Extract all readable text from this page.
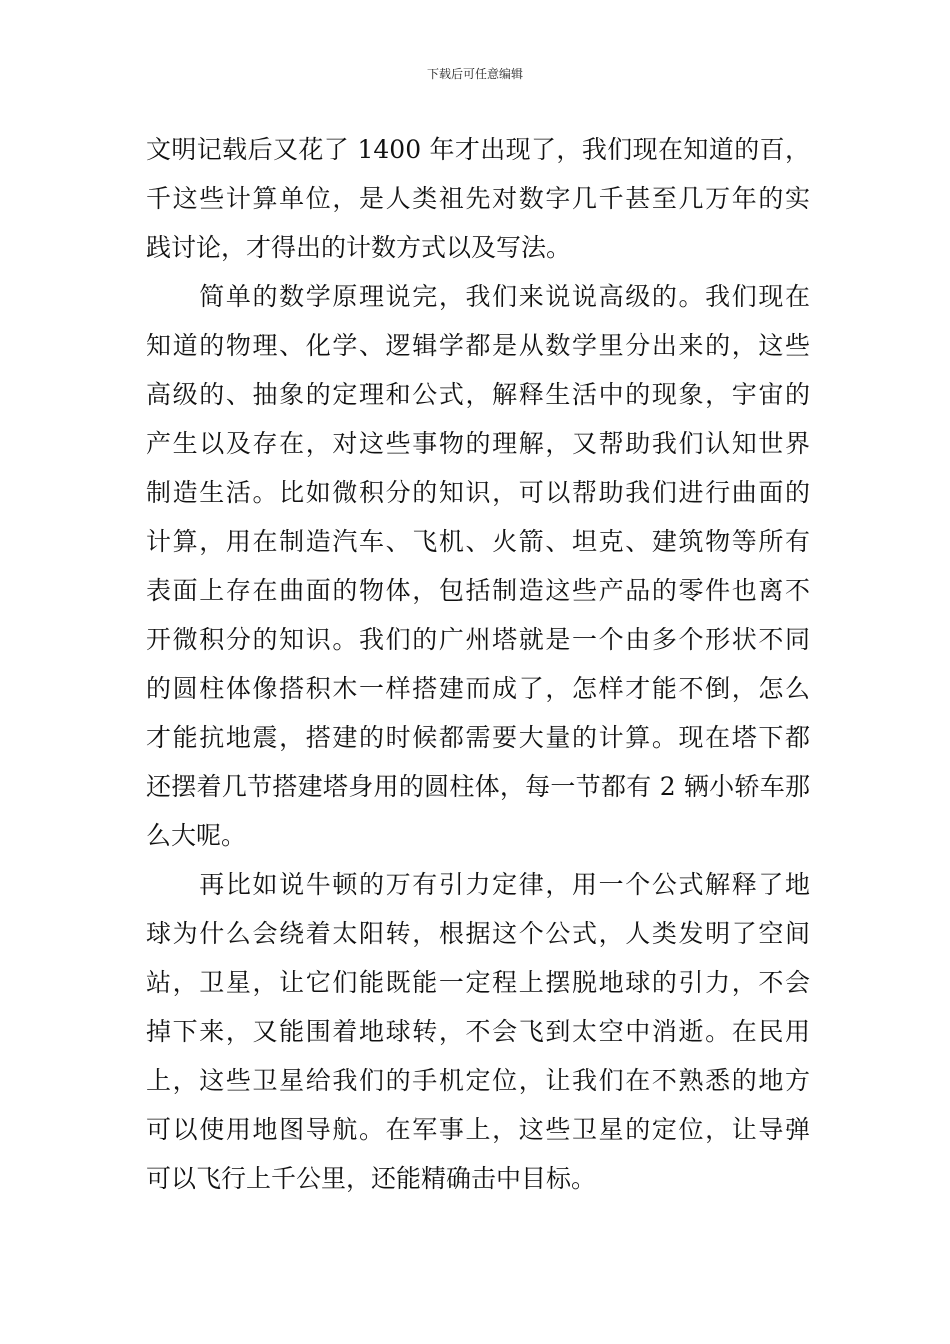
下载后可任意编辑
文明记载后又花了 1400 年才出现了，我们现在知道的百，
千这些计算单位，是人类祖先对数字几千甚至几万年的实
践讨论，才得出的计数方式以及写法。
　　简单的数学原理说完，我们来说说高级的。我们现在
知道的物理、化学、逻辑学都是从数学里分出来的，这些
高级的、抽象的定理和公式，解释生活中的现象，宇宙的
产生以及存在，对这些事物的理解，又帮助我们认知世界
制造生活。比如微积分的知识，可以帮助我们进行曲面的
计算，用在制造汽车、飞机、火箭、坦克、建筑物等所有
表面上存在曲面的物体，包括制造这些产品的零件也离不
开微积分的知识。我们的广州塔就是一个由多个形状不同
的圆柱体像搭积木一样搭建而成了，怎样才能不倒，怎么
才能抗地震，搭建的时候都需要大量的计算。现在塔下都
还摆着几节搭建塔身用的圆柱体，每一节都有 2 辆小轿车那
么大呢。
　　再比如说牛顿的万有引力定律，用一个公式解释了地
球为什么会绕着太阳转，根据这个公式，人类发明了空间
站，卫星，让它们能既能一定程上摆脱地球的引力，不会
掉下来，又能围着地球转，不会飞到太空中消逝。在民用
上，这些卫星给我们的手机定位，让我们在不熟悉的地方
可以使用地图导航。在军事上，这些卫星的定位，让导弹
可以飞行上千公里，还能精确击中目标。
